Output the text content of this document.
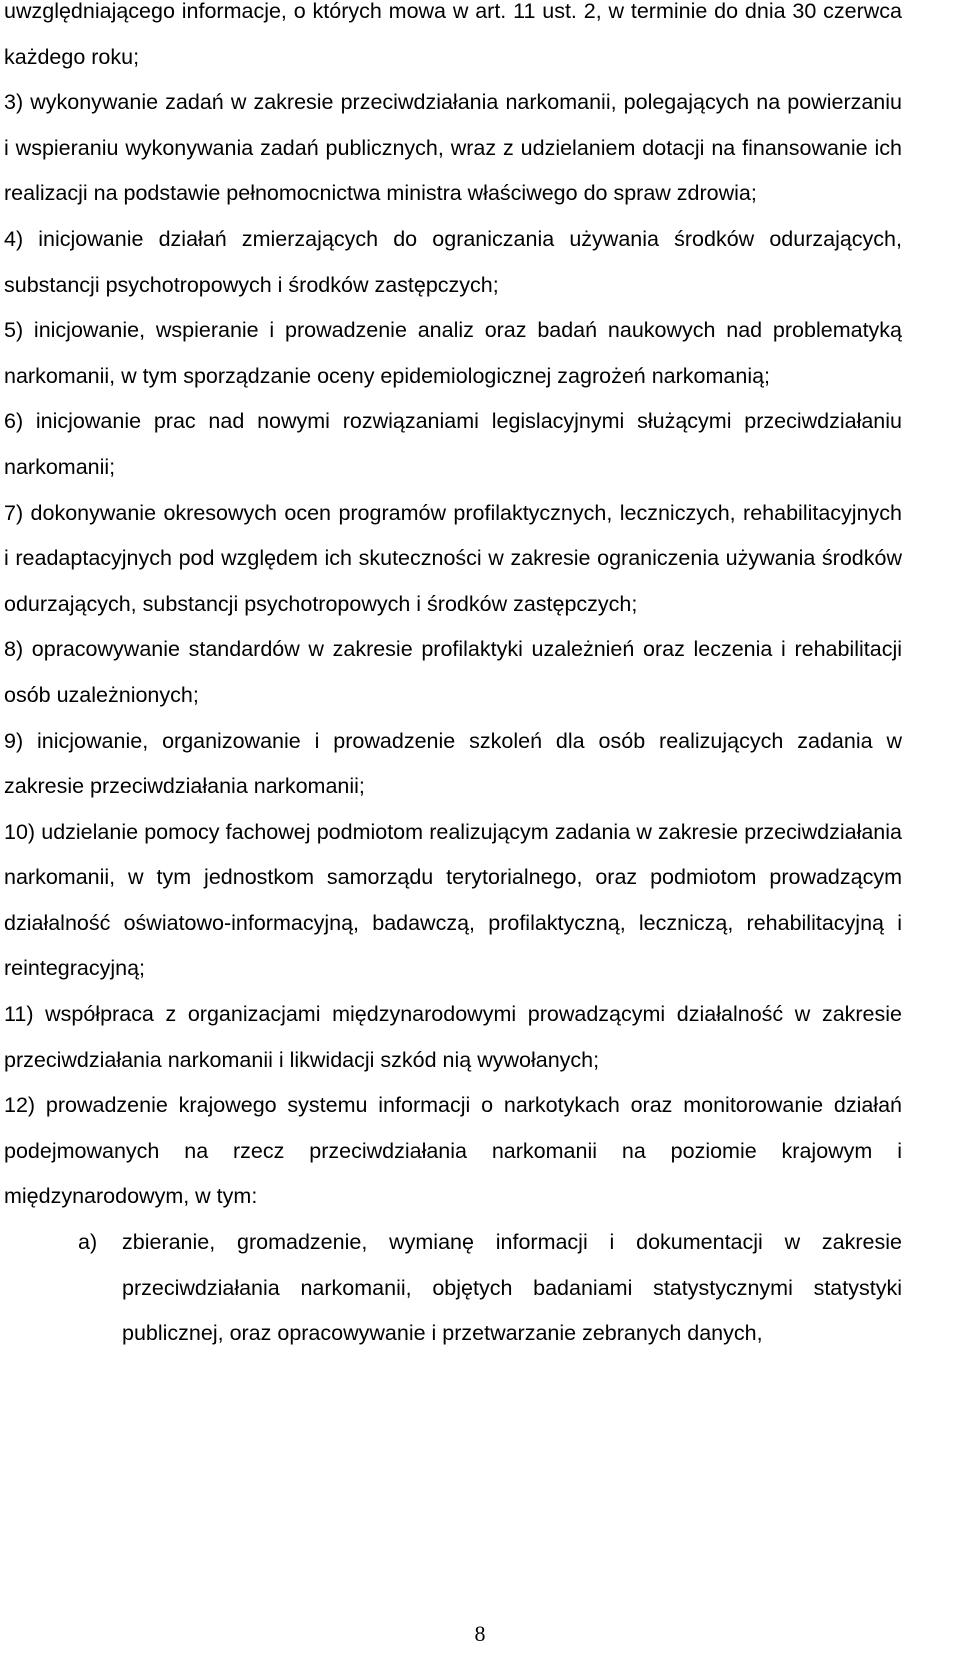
uwzględniającego informacje, o których mowa w art. 11 ust. 2, w terminie do dnia 30 czerwca każdego roku;

3) wykonywanie zadań w zakresie przeciwdziałania narkomanii, polegających na powierzaniu i wspieraniu wykonywania zadań publicznych, wraz z udzielaniem dotacji na finansowanie ich realizacji na podstawie pełnomocnictwa ministra właściwego do spraw zdrowia;

4) inicjowanie działań zmierzających do ograniczania używania środków odurzających, substancji psychotropowych i środków zastępczych;

5) inicjowanie, wspieranie i prowadzenie analiz oraz badań naukowych nad problematyką narkomanii, w tym sporządzanie oceny epidemiologicznej zagrożeń narkomanią;

6) inicjowanie prac nad nowymi rozwiązaniami legislacyjnymi służącymi przeciwdziałaniu narkomanii;

7) dokonywanie okresowych ocen programów profilaktycznych, leczniczych, rehabilitacyjnych i readaptacyjnych pod względem ich skuteczności w zakresie ograniczenia używania środków odurzających, substancji psychotropowych i środków zastępczych;

8) opracowywanie standardów w zakresie profilaktyki uzależnień oraz leczenia i rehabilitacji osób uzależnionych;

9) inicjowanie, organizowanie i prowadzenie szkoleń dla osób realizujących zadania w zakresie przeciwdziałania narkomanii;

10) udzielanie pomocy fachowej podmiotom realizującym zadania w zakresie przeciwdziałania narkomanii, w tym jednostkom samorządu terytorialnego, oraz podmiotom prowadzącym działalność oświatowo-informacyjną, badawczą, profilaktyczną, leczniczą, rehabilitacyjną i reintegracyjną;

11) współpraca z organizacjami międzynarodowymi prowadzącymi działalność w zakresie przeciwdziałania narkomanii i likwidacji szkód nią wywołanych;

12) prowadzenie krajowego systemu informacji o narkotykach oraz monitorowanie działań podejmowanych na rzecz przeciwdziałania narkomanii na poziomie krajowym i międzynarodowym, w tym:

a)	zbieranie, gromadzenie, wymianę informacji i dokumentacji w zakresie przeciwdziałania narkomanii, objętych badaniami statystycznymi statystyki publicznej, oraz opracowywanie i przetwarzanie zebranych danych,
8
